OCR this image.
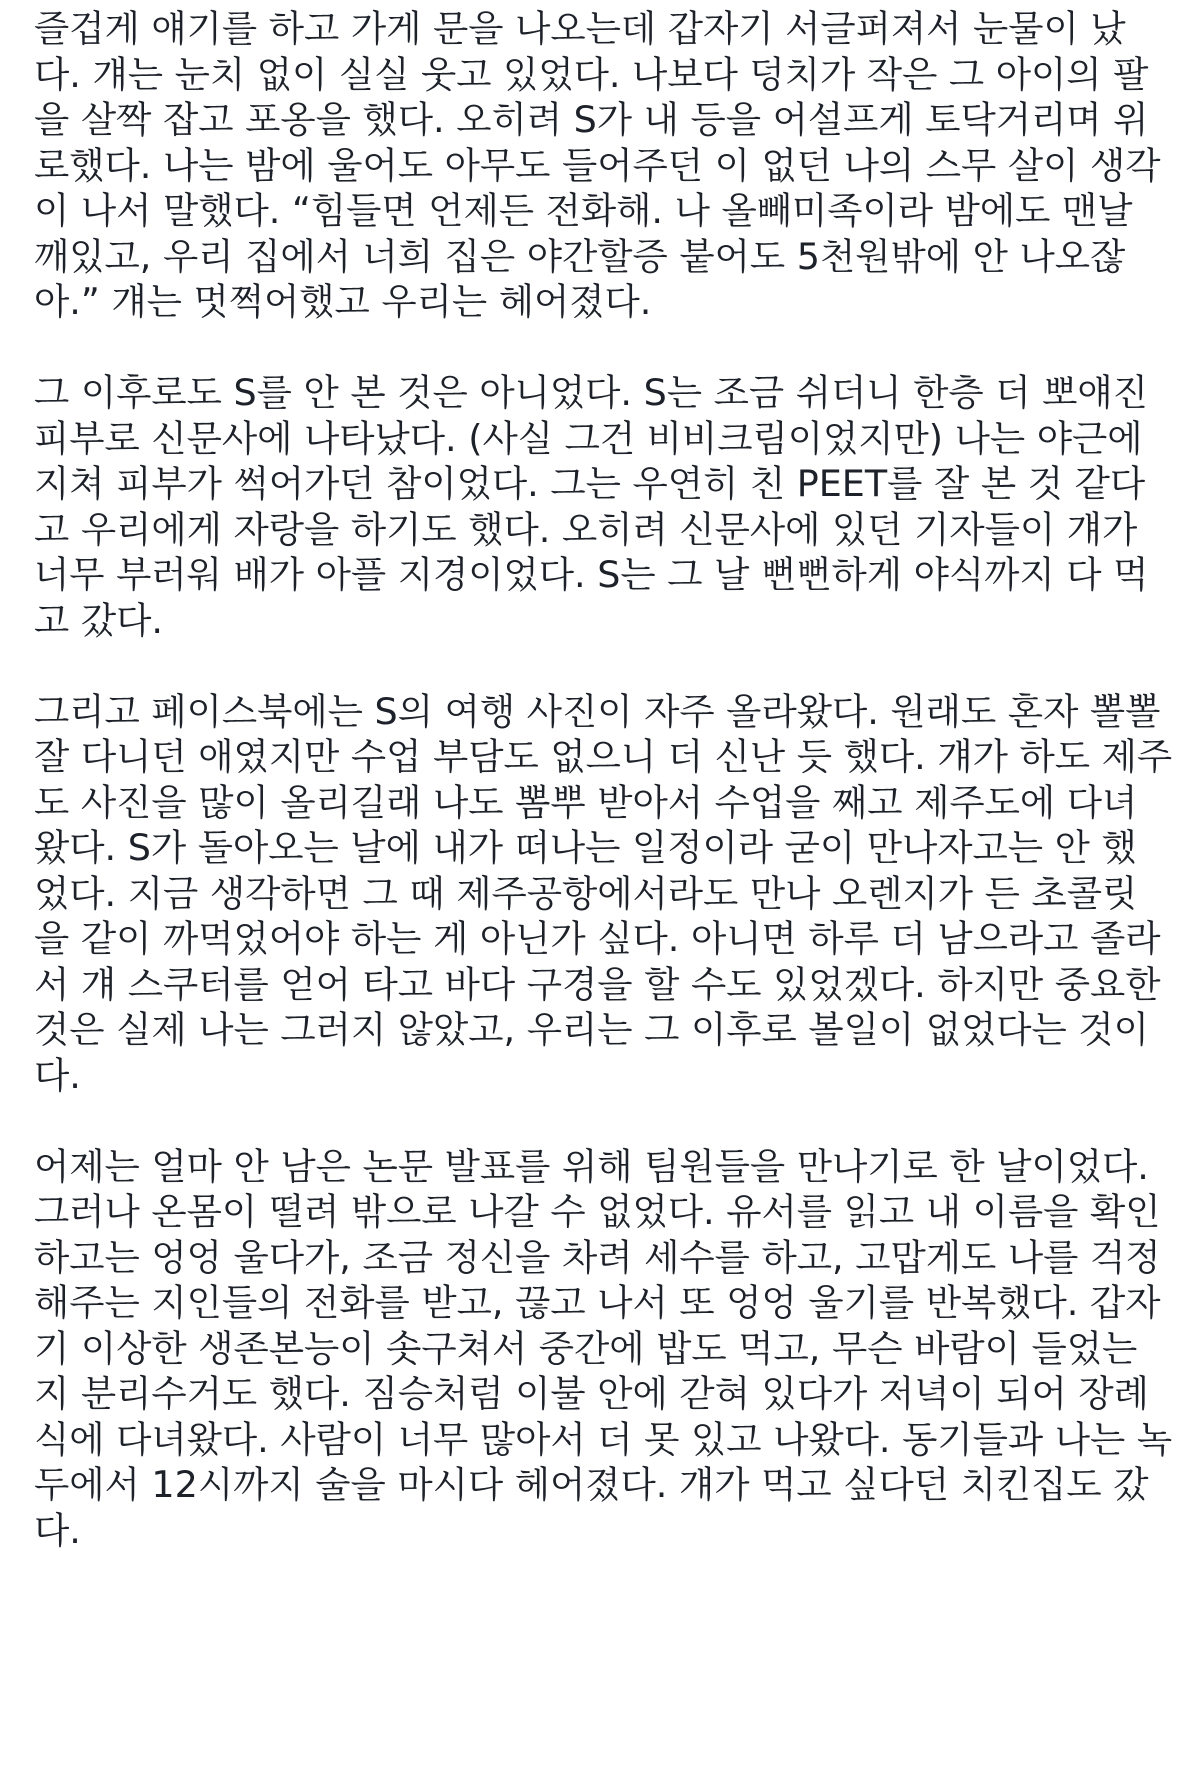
즐겁게 얘기를 하고 가게 문을 나오는데 갑자기 서글퍼져서 눈물이 났
다. 걔는 눈치 없이 실실 웃고 있었다. 나보다 덩치가 작은 그 아이의 팔
을 살짝 잡고 포옹을 했다. 오히려 S가 내 등을 어설프게 토닥거리며 위
로했다. 나는 밤에 울어도 아무도 들어주던 이 없던 나의 스무 살이 생각
이 나서 말했다. “힘들면 언제든 전화해. 나 올빼미족이라 밤에도 맨날
깨있고, 우리 집에서 너희 집은 야간할증 붙어도 5천원밖에 안 나오잖
아.” 걔는 멋쩍어했고 우리는 헤어졌다.
그 이후로도 S를 안 본 것은 아니었다. S는 조금 쉬더니 한층 더 뽀얘진
피부로 신문사에 나타났다. (사실 그건 비비크림이었지만) 나는 야근에
지쳐 피부가 썩어가던 참이었다. 그는 우연히 친 PEET를 잘 본 것 같다
고 우리에게 자랑을 하기도 했다. 오히려 신문사에 있던 기자들이 걔가
너무 부러워 배가 아플 지경이었다. S는 그 날 뻔뻔하게 야식까지 다 먹
고 갔다.
그리고 페이스북에는 S의 여행 사진이 자주 올라왔다. 원래도 혼자 뽈뽈
잘 다니던 애였지만 수업 부담도 없으니 더 신난 듯 했다. 걔가 하도 제주
도 사진을 많이 올리길래 나도 뽐뿌 받아서 수업을 째고 제주도에 다녀
왔다. S가 돌아오는 날에 내가 떠나는 일정이라 굳이 만나자고는 안 했
었다. 지금 생각하면 그 때 제주공항에서라도 만나 오렌지가 든 초콜릿
을 같이 까먹었어야 하는 게 아닌가 싶다. 아니면 하루 더 남으라고 졸라
서 걔 스쿠터를 얻어 타고 바다 구경을 할 수도 있었겠다. 하지만 중요한
것은 실제 나는 그러지 않았고, 우리는 그 이후로 볼일이 없었다는 것이
다.
어제는 얼마 안 남은 논문 발표를 위해 팀원들을 만나기로 한 날이었다.
그러나 온몸이 떨려 밖으로 나갈 수 없었다. 유서를 읽고 내 이름을 확인
하고는 엉엉 울다가, 조금 정신을 차려 세수를 하고, 고맙게도 나를 걱정
해주는 지인들의 전화를 받고, 끊고 나서 또 엉엉 울기를 반복했다. 갑자
기 이상한 생존본능이 솟구쳐서 중간에 밥도 먹고, 무슨 바람이 들었는
지 분리수거도 했다. 짐승처럼 이불 안에 갇혀 있다가 저녁이 되어 장례
식에 다녀왔다. 사람이 너무 많아서 더 못 있고 나왔다. 동기들과 나는 녹
두에서 12시까지 술을 마시다 헤어졌다. 걔가 먹고 싶다던 치킨집도 갔
다.
